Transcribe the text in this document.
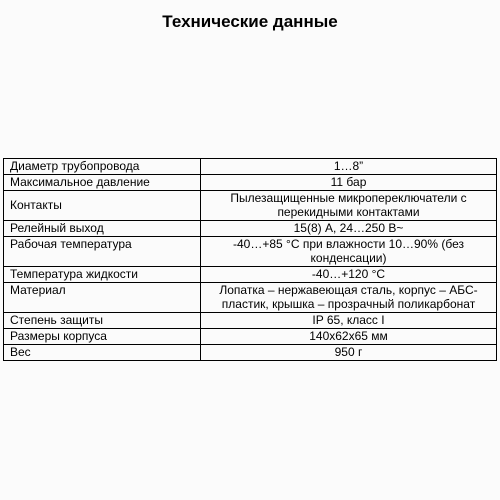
Технические данные
Диаметр трубопровода	1…8”
Максимальное давление	11 бар
Контакты	Пылезащищенные микропереключатели с перекидными контактами
Релейный выход	15(8) А, 24…250 В~
Рабочая температура	-40…+85 °С при влажности 10…90% (без конденсации)
Температура жидкости	-40…+120 °С
Материал	Лопатка – нержавеющая сталь, корпус – АБС-пластик, крышка – прозрачный поликарбонат
Степень защиты	IP 65, класс I
Размеры корпуса	140х62х65 мм
Вес	950 г
